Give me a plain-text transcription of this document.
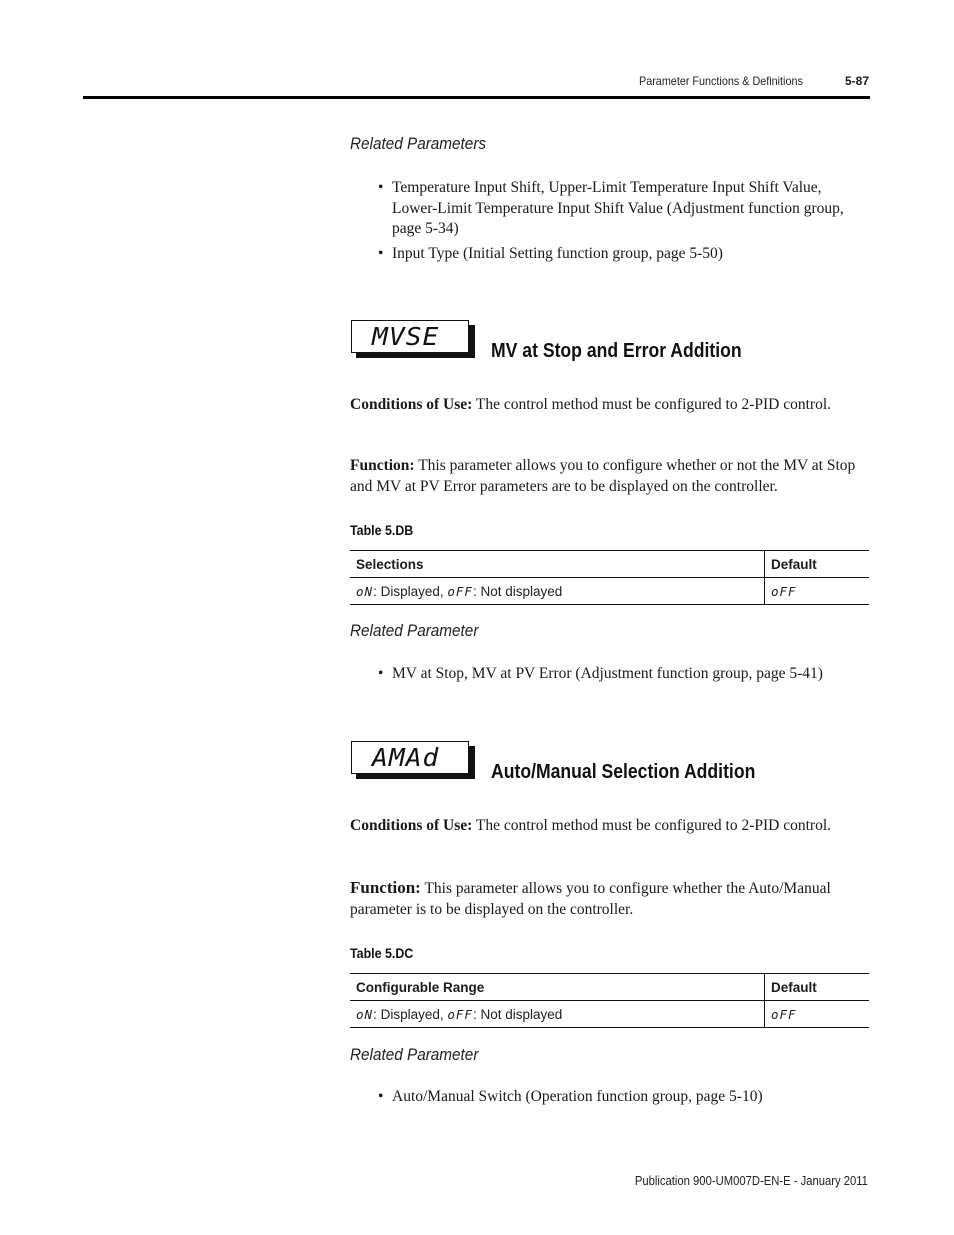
Parameter Functions & Definitions	5-87
Related Parameters
• Temperature Input Shift, Upper-Limit Temperature Input Shift Value, Lower-Limit Temperature Input Shift Value (Adjustment function group, page 5-34)
• Input Type (Initial Setting function group, page 5-50)
MVSE	MV at Stop and Error Addition
Conditions of Use: The control method must be configured to 2-PID control.
Function: This parameter allows you to configure whether or not the MV at Stop and MV at PV Error parameters are to be displayed on the controller.
Table 5.DB
Selections	Default
oN: Displayed, oFF: Not displayed	oFF
Related Parameter
• MV at Stop, MV at PV Error (Adjustment function group, page 5-41)
AMAd	Auto/Manual Selection Addition
Conditions of Use: The control method must be configured to 2-PID control.
Function: This parameter allows you to configure whether the Auto/Manual parameter is to be displayed on the controller.
Table 5.DC
Configurable Range	Default
oN: Displayed, oFF: Not displayed	oFF
Related Parameter
• Auto/Manual Switch (Operation function group, page 5-10)
Publication 900-UM007D-EN-E - January 2011
